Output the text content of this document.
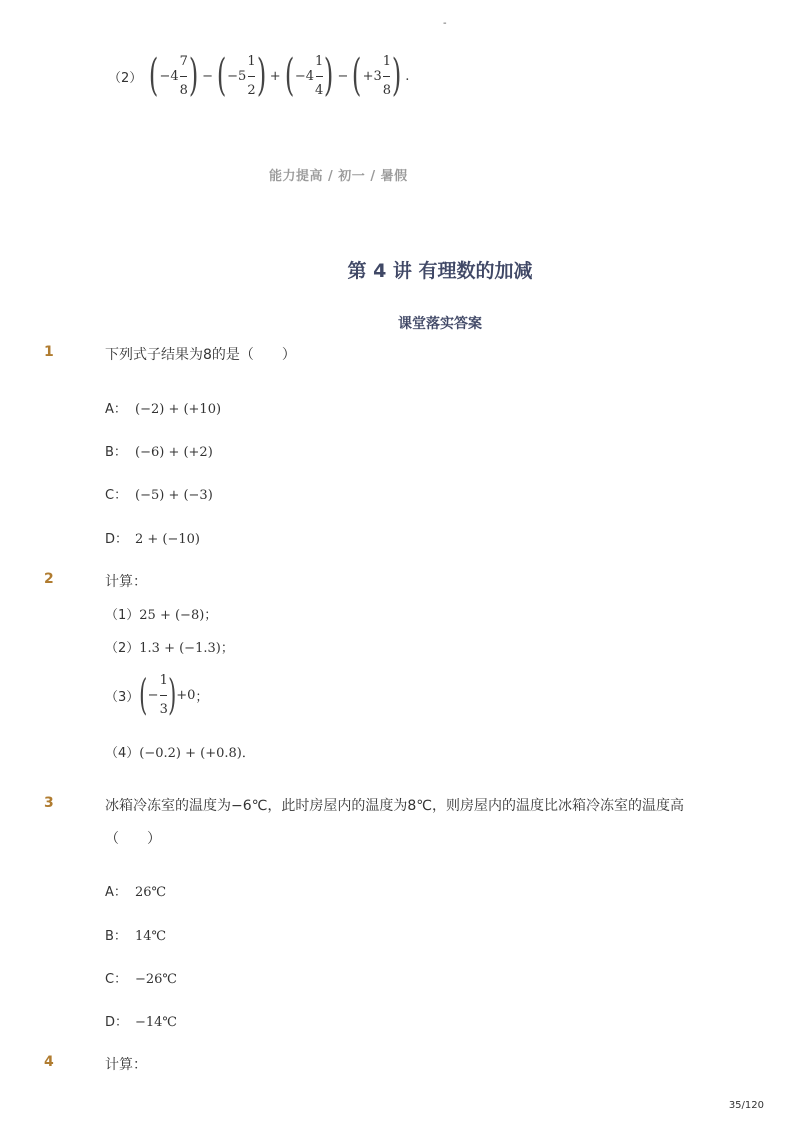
-
（2） ( $-4 \frac{7}{8}$ ) − ( $-5 \frac{1}{2}$ ) + ( $-4 \frac{1}{4}$ ) − ( $+3 \frac{1}{8}$ ) .
能力提高 / 初一 / 暑假
第 4 讲 有理数的加减
课堂落实答案
1	下列式子结果为8的是（　　）
A： (−2) + (+10)
B： (−6) + (+2)
C： (−5) + (−3)
D： 2 + (−10)
2	计算：
（1）25 + (−8)；
（2）1.3 + (−1.3)；
（3） ( − $\frac{1}{3}$ ) +0 ；
（4）(−0.2) + (+0.8)．
3	冰箱冷冻室的温度为−6℃，此时房屋内的温度为8℃，则房屋内的温度比冰箱冷冻室的温度高
（　　）
A： 26℃
B： 14℃
C： −26℃
D： −14℃
4	计算：
35/120
